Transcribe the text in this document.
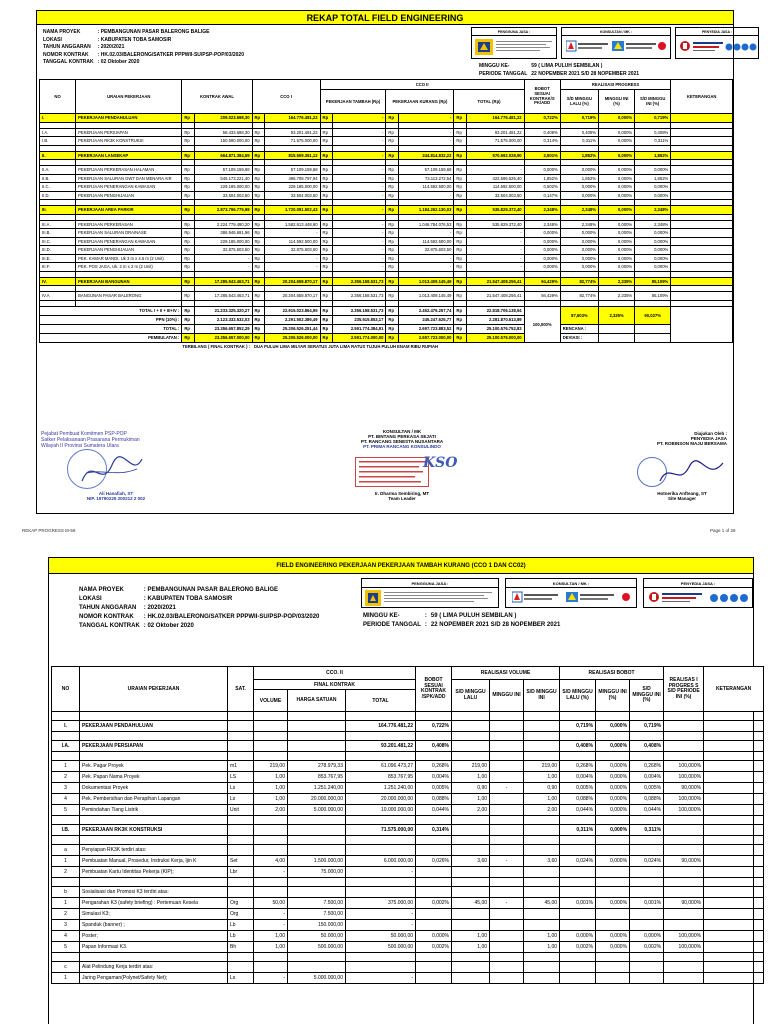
REKAP TOTAL FIELD ENGINEERING
NAMA PROYEK	: PEMBANGUNAN PASAR BALERONG BALIGE
LOKASI	: KABUPATEN TOBA SAMOSIR
TAHUN ANGGARAN	: 2020/2021
NOMOR KONTRAK	: HK.02.03/BALERONG/SATKER PPPWII-SU/PSP-POP/03/2020
TANGGAL KONTRAK	: 02 Oktober 2020
MINGGU KE-	59 ( LIMA PULUH SEMBILAN )
PERIODE TANGGAL	22 NOPEMBER 2021 S/D 28 NOPEMBER 2021
PENGGUNA JASA :	KONSULTAN / MK :	PENYEDIA JASA :
NO	URAIAN PEKERJAAN	KONTRAK AWAL		CCO I		CCO II						BOBOT SESUAI KONTRAK/S PK/ADD	REALISASI PROGRESS			KETERANGAN
						PEKERJAAN TAMBAH (Rp)		PEKERJAAN KURANG (Rp)		TOTAL (Rp)			S/D MINGGU LALU (%)	MINGGU INI (%)	S/D MINGGU INI (%)	
I.	PEKERJAAN PENDAHULUAN	Rp	209.023.698,30	Rp	164.776.481,22	Rp	-	Rp	-	Rp	164.776.481,22	0,722%	0,719%	0,000%	0,719%	

I.A.	PEKERJAAN PERSIAPAN	Rp	58.433.698,30	Rp	93.201.481,22	Rp	-	Rp	-	Rp	93.201.481,22	0,408%	0,408%	0,000%	0,408%	
I.B.	PEKERJAAN RK3K KONSTRUKSI	Rp	150.590.000,00	Rp	71.575.000,00	Rp	-	Rp	-	Rp	71.575.000,00	0,314%	0,311%	0,000%	0,311%	

II.	PEKERJAAN LANSEKAP	Rp	664.871.384,59	Rp	815.509.361,12	Rp	-	Rp	244.814.832,22	Rp	570.692.028,90	2,501%	1,852%	0,000%	1,852%	

II.A.	PEKERJAAN PERKERASAN HALAMAN	Rp	57.109.159,68	Rp	57.109.159,68	Rp	-	Rp	57.109.159,68	Rp	-	0,000%	0,000%	0,000%	0,000%	
II.B.	PEKERJAAN SALURAN GWT DAN MENARA AIR	Rp	545.173.221,40	Rp	495.708.797,94	Rp	-	Rp	73.113.272,54	Rp	422.595.525,40	1,852%	1,852%	0,000%	1,852%	
II.C.	PEKERJAAN PENERANGAN KAWASAN	Rp	229.185.000,00	Rp	229.185.000,00	Rp	-	Rp	114.592.500,00	Rp	114.592.500,00	0,502%	0,000%	0,000%	0,000%	
II.D.	PEKERJAAN PENGHIJAUAN	Rp	33.504.003,50	Rp	33.504.003,50	Rp	-	Rp	-	Rp	33.504.003,50	0,147%	0,000%	0,000%	0,000%	

III.	PEKERJAAN AREA PARKIR	Rp	2.873.796.775,98	Rp	1.720.091.502,43	Rp	-	Rp	1.184.262.130,03	Rp	535.829.372,40	2,348%	2,348%	0,000%	2,348%	

III.A.	PEKERJAAN PERKERASAN	Rp	2.224.779.480,20	Rp	1.582.613.448,90	Rp	-	Rp	1.046.784.076,53	Rp	535.829.372,40	2,348%	2,348%	0,000%	2,348%	
III.B.	PEKERJAAN SALURAN DRAINASE	Rp	386.946.691,96	Rp	-	Rp	-	Rp	-	Rp	-	0,000%	0,000%	0,000%	0,000%	
III.C.	PEKERJAAN PENERANGAN KAWASAN	Rp	229.185.000,00	Rp	114.592.500,00	Rp	-	Rp	114.592.500,00	Rp	-	0,000%	0,000%	0,000%	0,000%	
III.D.	PEKERJAAN PENGHIJAUAN	Rp	32.875.603,50	Rp	32.875.603,50	Rp	-	Rp	32.875.603,50	Rp	-	0,000%	0,000%	0,000%	0,000%	
III.E.	PEK. KAMAR MANDI, Uk 3 m x 4.5 m (2 Unit)	Rp	-	Rp	-	Rp	-	Rp	-	Rp	-	0,000%	0,000%	0,000%	0,000%	
III.F.	PEK. POS JAGA, Uk. 2 m x 2 m (2 Unit)	Rp	-	Rp	-	Rp	-	Rp	-	Rp	-	0,000%	0,000%	0,000%	0,000%	

IV.	PEKERJAAN BANGUNAN	Rp	17.285.543.463,71	Rp	20.204.658.870,17	Rp	2.356.158.531,73	Rp	1.013.409.145,49	Rp	21.547.408.256,41	94,429%	82,774%	2,335%	85,109%	

IV.A	BANGUNAN PASAR BALERONG	Rp	17.285.543.463,71	Rp	20.204.658.870,17	Rp	2.356.158.531,73	Rp	1.013.409.145,49	Rp	21.547.408.256,41	94,429%	82,774%	2,335%	85,109%	

TOTAL I + II + III+IV :		Rp	21.233.325.320,27	Rp	22.915.023.864,95	Rp	2.356.158.531,73	Rp	2.452.476.257,74	Rp	22.818.706.138,94	100,000%	87,603%	2,335%	90,027%	
PPN (10%) :		Rp	2.123.332.532,03	Rp	2.291.502.386,49	Rp	235.615.853,17	Rp	245.247.625,77	Rp	2.281.870.613,89					
TOTAL :		Rp	23.356.657.852,29	Rp	25.206.526.251,44	Rp	2.591.774.384,91	Rp	2.697.723.883,52	Rp	25.100.576.752,83		RENCANA :			
PEMBULATAN :		Rp	23.356.657.000,00	Rp	25.206.526.000,00	Rp	2.591.774.000,00	Rp	2.697.723.000,00	Rp	25.100.576.000,00		DEVIASI :			
TERBILANG ( FINAL KONTRAK ) :				DUA PULUH LIMA MILYAR SERATUS JUTA LIMA RATUS TUJUH PULUH ENAM RIBU RUPIAH												
Pejabat Pembuat Komitmen PSP-POP
Satker Pelaksanaan Prasarana Permukiman
Wilayah II Provinsi Sumatera Utara
Ali Hanafiah, ST
NIP. 19790225 200212 2 002
KONSULTAN / MK
PT. BINTANG PERKASA SEJATI
PT. RANCANG SENESTA NUSANTARA
PT. PRIMA RANCANG KONSULINDO
KSO
Ir. Dharma Sembiring, MT
Team Leader
Diajukan Oleh :
PENYEDIA JASA
PT. ROBINSON MAJU BERSAMA
Hotnerika Anfteang, ST
Site Manager
REKAP PROGRESS M-59	Page 1 of 28
FIELD ENGINEERING PEKERJAAN PEKERJAAN TAMBAH KURANG (CCO 1 DAN CC02)
NAMA PROYEK	: PEMBANGUNAN PASAR BALERONG BALIGE
LOKASI	: KABUPATEN TOBA SAMOSIR
TAHUN ANGGARAN	: 2020/2021
NOMOR KONTRAK	: HK.02.03/BALERONG/SATKER PPPWII-SU/PSP-POP/03/2020
TANGGAL KONTRAK	: 02 Oktober 2020
MINGGU KE-	:	59 ( LIMA PULUH SEMBILAN )
PERIODE TANGGAL	:	22 NOPEMBER 2021 S/D 28 NOPEMBER 2021
PENGGUNA JASA :	KONSULTAN / MK :	PENYEDIA JASA :
NO	URAIAN PEKERJAAN	SAT.	CCO. II			BOBOT SESUAI KONTRAK /SPK/ADD	REALISASI VOLUME			REALISASI BOBOT			REALISAS I PROGRES S S/D PERIODE INI (%)	KETERANGAN
			FINAL KONTRAK				S/D MINGGU LALU	MINGGU INI	S/D MINGGU INI	S/D MINGGU LALU (%)	MINGGU INI (%)	S/D MINGGU INI (%)		
			VOLUME	HARGA SATUAN	TOTAL									

I.	PEKERJAAN PENDAHULUAN				164.776.481,22	0,722%				0,719%	0,000%	0,719%		

I.A.	PEKERJAAN PERSIAPAN				93.201.481,22	0,408%				0,408%	0,000%	0,408%		

1	Pek. Pagar Proyek	m1	219,00	278.979,33	61.096.473,27	0,268%	219,00		219,00	0,268%	0,000%	0,268%	100,000%	
2	Pek. Papan Nama Proyek	LS	1,00	853.767,95	853.767,95	0,004%	1,00		1,00	0,004%	0,000%	0,004%	100,000%	
3	Dokumentasi Proyek	Ls	1,00	1.251.240,00	1.251.240,00	0,005%	0,90	-	0,90	0,005%	0,000%	0,005%	90,000%	
4	Pek. Pembersihan dan Perapihan Lapangan	Ls	1,00	20.000.000,00	20.000.000,00	0,088%	1,00		1,00	0,088%	0,000%	0,088%	100,000%	
5	Pemindahan Tiang Listrik	Unit	2,00	5.000.000,00	10.000.000,00	0,044%	2,00		2,00	0,044%	0,000%	0,044%	100,000%	

I.B.	PEKERJAAN RK3K KONSTRUKSI				71.575.000,00	0,314%				0,311%	0,000%	0,311%		

a	Penyiapan RK3K terdiri atas:													
1	Pembuatan Manual, Prosedur, Instruksi Kerja, Ijin K	Set	4,00	1.500.000,00	6.000.000,00	0,026%	3,60	-	3,60	0,024%	0,000%	0,024%	90,000%	
2	Pembuatan Kartu Identitas Pekerja (KIP);	Lbr	-	75.000,00	-									

b	Sosialisasi dan Promosi K3 terdiri atas:													
1	Pengarahan K3 (safety briefing) : Pertemuan Kesela	Org	50,00	7.500,00	375.000,00	0,002%	45,00	-	45,00	0,001%	0,000%	0,001%	90,000%	
2	Simulasi K3;	Org	-	7.500,00	-									
3	Spanduk (banner) ;	Lb	-	150.000,00	-									
4	Poster;	Lb	1,00	50.000,00	50.000,00	0,000%	1,00		1,00	0,000%	0,000%	0,000%	100,000%	
5	Papan Informasi K3.	Bh	1,00	500.000,00	500.000,00	0,002%	1,00		1,00	0,002%	0,000%	0,002%	100,000%	

c	Alat Pelindung Kerja terdiri atas:													
1	Jaring Pengaman(Polynet/Safety Net);	Ls	-	5.000.000,00	-									
